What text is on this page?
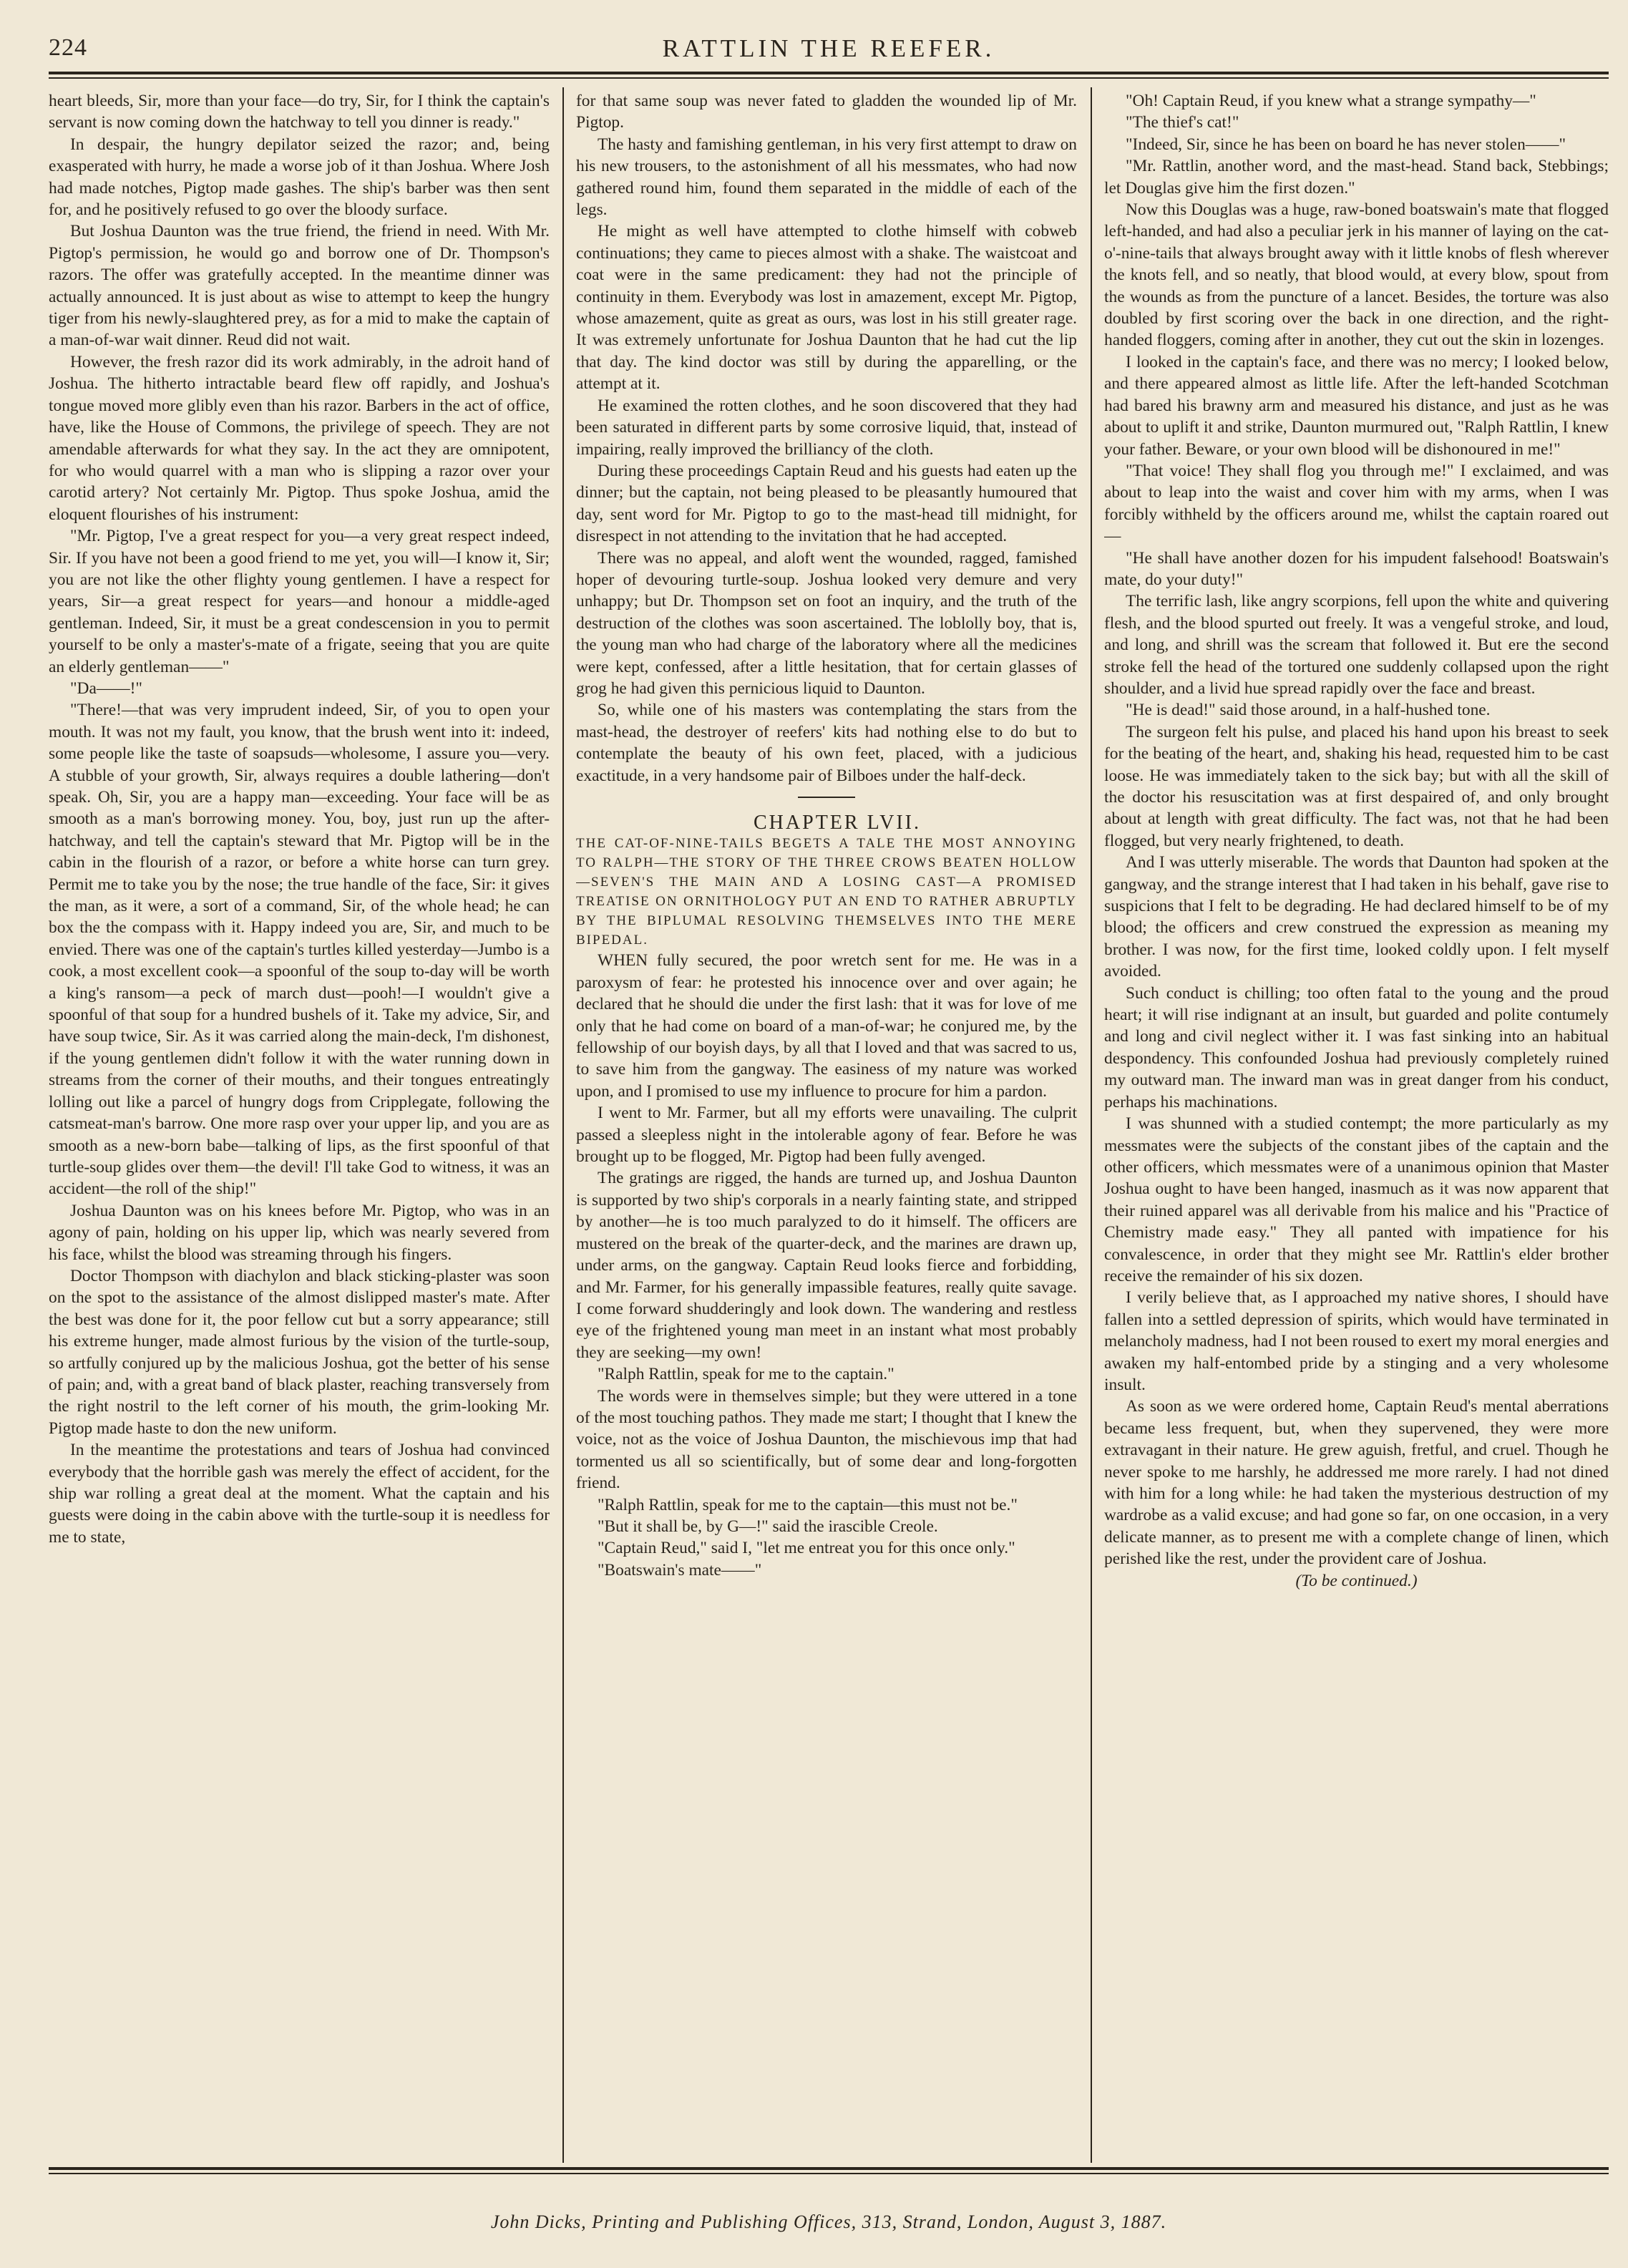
224	RATTLIN THE REEFER.

heart bleeds, Sir, more than your face—do try, Sir, for I think the captain's servant is now coming down the hatchway to tell you dinner is ready."

In despair, the hungry depilator seized the razor; and, being exasperated with hurry, he made a worse job of it than Joshua. Where Josh had made notches, Pigtop made gashes. The ship's barber was then sent for, and he positively refused to go over the bloody surface.

But Joshua Daunton was the true friend, the friend in need. With Mr. Pigtop's permission, he would go and borrow one of Dr. Thompson's razors. The offer was gratefully accepted. In the meantime dinner was actually announced. It is just about as wise to attempt to keep the hungry tiger from his newly-slaughtered prey, as for a mid to make the captain of a man-of-war wait dinner. Reud did not wait.

However, the fresh razor did its work admirably, in the adroit hand of Joshua. The hitherto intractable beard flew off rapidly, and Joshua's tongue moved more glibly even than his razor. Barbers in the act of office, have, like the House of Commons, the privilege of speech. They are not amendable afterwards for what they say. In the act they are omnipotent, for who would quarrel with a man who is slipping a razor over your carotid artery? Not certainly Mr. Pigtop. Thus spoke Joshua, amid the eloquent flourishes of his instrument:

"Mr. Pigtop, I've a great respect for you—a very great respect indeed, Sir. If you have not been a good friend to me yet, you will—I know it, Sir; you are not like the other flighty young gentlemen. I have a respect for years, Sir—a great respect for years—and honour a middle-aged gentleman. Indeed, Sir, it must be a great condescension in you to permit yourself to be only a master's-mate of a frigate, seeing that you are quite an elderly gentleman——"

"Da——!"

"There!—that was very imprudent indeed, Sir, of you to open your mouth. It was not my fault, you know, that the brush went into it: indeed, some people like the taste of soapsuds—wholesome, I assure you—very. A stubble of your growth, Sir, always requires a double lathering—don't speak. Oh, Sir, you are a happy man—exceeding. Your face will be as smooth as a man's borrowing money. You, boy, just run up the after-hatchway, and tell the captain's steward that Mr. Pigtop will be in the cabin in the flourish of a razor, or before a white horse can turn grey. Permit me to take you by the nose; the true handle of the face, Sir: it gives the man, as it were, a sort of a command, Sir, of the whole head; he can box the the compass with it. Happy indeed you are, Sir, and much to be envied. There was one of the captain's turtles killed yesterday—Jumbo is a cook, a most excellent cook—a spoonful of the soup to-day will be worth a king's ransom—a peck of march dust—pooh!—I wouldn't give a spoonful of that soup for a hundred bushels of it. Take my advice, Sir, and have soup twice, Sir. As it was carried along the main-deck, I'm dishonest, if the young gentlemen didn't follow it with the water running down in streams from the corner of their mouths, and their tongues entreatingly lolling out like a parcel of hungry dogs from Cripplegate, following the catsmeat-man's barrow. One more rasp over your upper lip, and you are as smooth as a new-born babe—talking of lips, as the first spoonful of that turtle-soup glides over them—the devil! I'll take God to witness, it was an accident—the roll of the ship!"

Joshua Daunton was on his knees before Mr. Pigtop, who was in an agony of pain, holding on his upper lip, which was nearly severed from his face, whilst the blood was streaming through his fingers.

Doctor Thompson with diachylon and black sticking-plaster was soon on the spot to the assistance of the almost dislipped master's mate. After the best was done for it, the poor fellow cut but a sorry appearance; still his extreme hunger, made almost furious by the vision of the turtle-soup, so artfully conjured up by the malicious Joshua, got the better of his sense of pain; and, with a great band of black plaster, reaching transversely from the right nostril to the left corner of his mouth, the grim-looking Mr. Pigtop made haste to don the new uniform.

In the meantime the protestations and tears of Joshua had convinced everybody that the horrible gash was merely the effect of accident, for the ship war rolling a great deal at the moment. What the captain and his guests were doing in the cabin above with the turtle-soup it is needless for me to state,

for that same soup was never fated to gladden the wounded lip of Mr. Pigtop.

The hasty and famishing gentleman, in his very first attempt to draw on his new trousers, to the astonishment of all his messmates, who had now gathered round him, found them separated in the middle of each of the legs.

He might as well have attempted to clothe himself with cobweb continuations; they came to pieces almost with a shake. The waistcoat and coat were in the same predicament: they had not the principle of continuity in them. Everybody was lost in amazement, except Mr. Pigtop, whose amazement, quite as great as ours, was lost in his still greater rage. It was extremely unfortunate for Joshua Daunton that he had cut the lip that day. The kind doctor was still by during the apparelling, or the attempt at it.

He examined the rotten clothes, and he soon discovered that they had been saturated in different parts by some corrosive liquid, that, instead of impairing, really improved the brilliancy of the cloth.

During these proceedings Captain Reud and his guests had eaten up the dinner; but the captain, not being pleased to be pleasantly humoured that day, sent word for Mr. Pigtop to go to the mast-head till midnight, for disrespect in not attending to the invitation that he had accepted.

There was no appeal, and aloft went the wounded, ragged, famished hoper of devouring turtle-soup. Joshua looked very demure and very unhappy; but Dr. Thompson set on foot an inquiry, and the truth of the destruction of the clothes was soon ascertained. The loblolly boy, that is, the young man who had charge of the laboratory where all the medicines were kept, confessed, after a little hesitation, that for certain glasses of grog he had given this pernicious liquid to Daunton.

So, while one of his masters was contemplating the stars from the mast-head, the destroyer of reefers' kits had nothing else to do but to contemplate the beauty of his own feet, placed, with a judicious exactitude, in a very handsome pair of Bilboes under the half-deck.

CHAPTER LVII.

THE CAT-OF-NINE-TAILS BEGETS A TALE THE MOST ANNOYING TO RALPH—THE STORY OF THE THREE CROWS BEATEN HOLLOW—SEVEN'S THE MAIN AND A LOSING CAST—A PROMISED TREATISE ON ORNITHOLOGY PUT AN END TO RATHER ABRUPTLY BY THE BIPLUMAL RESOLVING THEMSELVES INTO THE MERE BIPEDAL.

WHEN fully secured, the poor wretch sent for me. He was in a paroxysm of fear: he protested his innocence over and over again; he declared that he should die under the first lash: that it was for love of me only that he had come on board of a man-of-war; he conjured me, by the fellowship of our boyish days, by all that I loved and that was sacred to us, to save him from the gangway. The easiness of my nature was worked upon, and I promised to use my influence to procure for him a pardon.

I went to Mr. Farmer, but all my efforts were unavailing. The culprit passed a sleepless night in the intolerable agony of fear. Before he was brought up to be flogged, Mr. Pigtop had been fully avenged.

The gratings are rigged, the hands are turned up, and Joshua Daunton is supported by two ship's corporals in a nearly fainting state, and stripped by another—he is too much paralyzed to do it himself. The officers are mustered on the break of the quarter-deck, and the marines are drawn up, under arms, on the gangway. Captain Reud looks fierce and forbidding, and Mr. Farmer, for his generally impassible features, really quite savage. I come forward shudderingly and look down. The wandering and restless eye of the frightened young man meet in an instant what most probably they are seeking—my own!

"Ralph Rattlin, speak for me to the captain."

The words were in themselves simple; but they were uttered in a tone of the most touching pathos. They made me start; I thought that I knew the voice, not as the voice of Joshua Daunton, the mischievous imp that had tormented us all so scientifically, but of some dear and long-forgotten friend.

"Ralph Rattlin, speak for me to the captain—this must not be."

"But it shall be, by G—!" said the irascible Creole.

"Captain Reud," said I, "let me entreat you for this once only."

"Boatswain's mate——"

"Oh! Captain Reud, if you knew what a strange sympathy—"

"The thief's cat!"

"Indeed, Sir, since he has been on board he has never stolen——"

"Mr. Rattlin, another word, and the mast-head. Stand back, Stebbings; let Douglas give him the first dozen."

Now this Douglas was a huge, raw-boned boatswain's mate that flogged left-handed, and had also a peculiar jerk in his manner of laying on the cat-o'-nine-tails that always brought away with it little knobs of flesh wherever the knots fell, and so neatly, that blood would, at every blow, spout from the wounds as from the puncture of a lancet. Besides, the torture was also doubled by first scoring over the back in one direction, and the right-handed floggers, coming after in another, they cut out the skin in lozenges.

I looked in the captain's face, and there was no mercy; I looked below, and there appeared almost as little life. After the left-handed Scotchman had bared his brawny arm and measured his distance, and just as he was about to uplift it and strike, Daunton murmured out, "Ralph Rattlin, I knew your father. Beware, or your own blood will be dishonoured in me!"

"That voice! They shall flog you through me!" I exclaimed, and was about to leap into the waist and cover him with my arms, when I was forcibly withheld by the officers around me, whilst the captain roared out—

"He shall have another dozen for his impudent falsehood! Boatswain's mate, do your duty!"

The terrific lash, like angry scorpions, fell upon the white and quivering flesh, and the blood spurted out freely. It was a vengeful stroke, and loud, and long, and shrill was the scream that followed it. But ere the second stroke fell the head of the tortured one suddenly collapsed upon the right shoulder, and a livid hue spread rapidly over the face and breast.

"He is dead!" said those around, in a half-hushed tone.

The surgeon felt his pulse, and placed his hand upon his breast to seek for the beating of the heart, and, shaking his head, requested him to be cast loose. He was immediately taken to the sick bay; but with all the skill of the doctor his resuscitation was at first despaired of, and only brought about at length with great difficulty. The fact was, not that he had been flogged, but very nearly frightened, to death.

And I was utterly miserable. The words that Daunton had spoken at the gangway, and the strange interest that I had taken in his behalf, gave rise to suspicions that I felt to be degrading. He had declared himself to be of my blood; the officers and crew construed the expression as meaning my brother. I was now, for the first time, looked coldly upon. I felt myself avoided.

Such conduct is chilling; too often fatal to the young and the proud heart; it will rise indignant at an insult, but guarded and polite contumely and long and civil neglect wither it. I was fast sinking into an habitual despondency. This confounded Joshua had previously completely ruined my outward man. The inward man was in great danger from his conduct, perhaps his machinations.

I was shunned with a studied contempt; the more particularly as my messmates were the subjects of the constant jibes of the captain and the other officers, which messmates were of a unanimous opinion that Master Joshua ought to have been hanged, inasmuch as it was now apparent that their ruined apparel was all derivable from his malice and his "Practice of Chemistry made easy." They all panted with impatience for his convalescence, in order that they might see Mr. Rattlin's elder brother receive the remainder of his six dozen.

I verily believe that, as I approached my native shores, I should have fallen into a settled depression of spirits, which would have terminated in melancholy madness, had I not been roused to exert my moral energies and awaken my half-entombed pride by a stinging and a very wholesome insult.

As soon as we were ordered home, Captain Reud's mental aberrations became less frequent, but, when they supervened, they were more extravagant in their nature. He grew aguish, fretful, and cruel. Though he never spoke to me harshly, he addressed me more rarely. I had not dined with him for a long while: he had taken the mysterious destruction of my wardrobe as a valid excuse; and had gone so far, on one occasion, in a very delicate manner, as to present me with a complete change of linen, which perished like the rest, under the provident care of Joshua.

(To be continued.)

John Dicks, Printing and Publishing Offices, 313, Strand, London, August 3, 1887.
